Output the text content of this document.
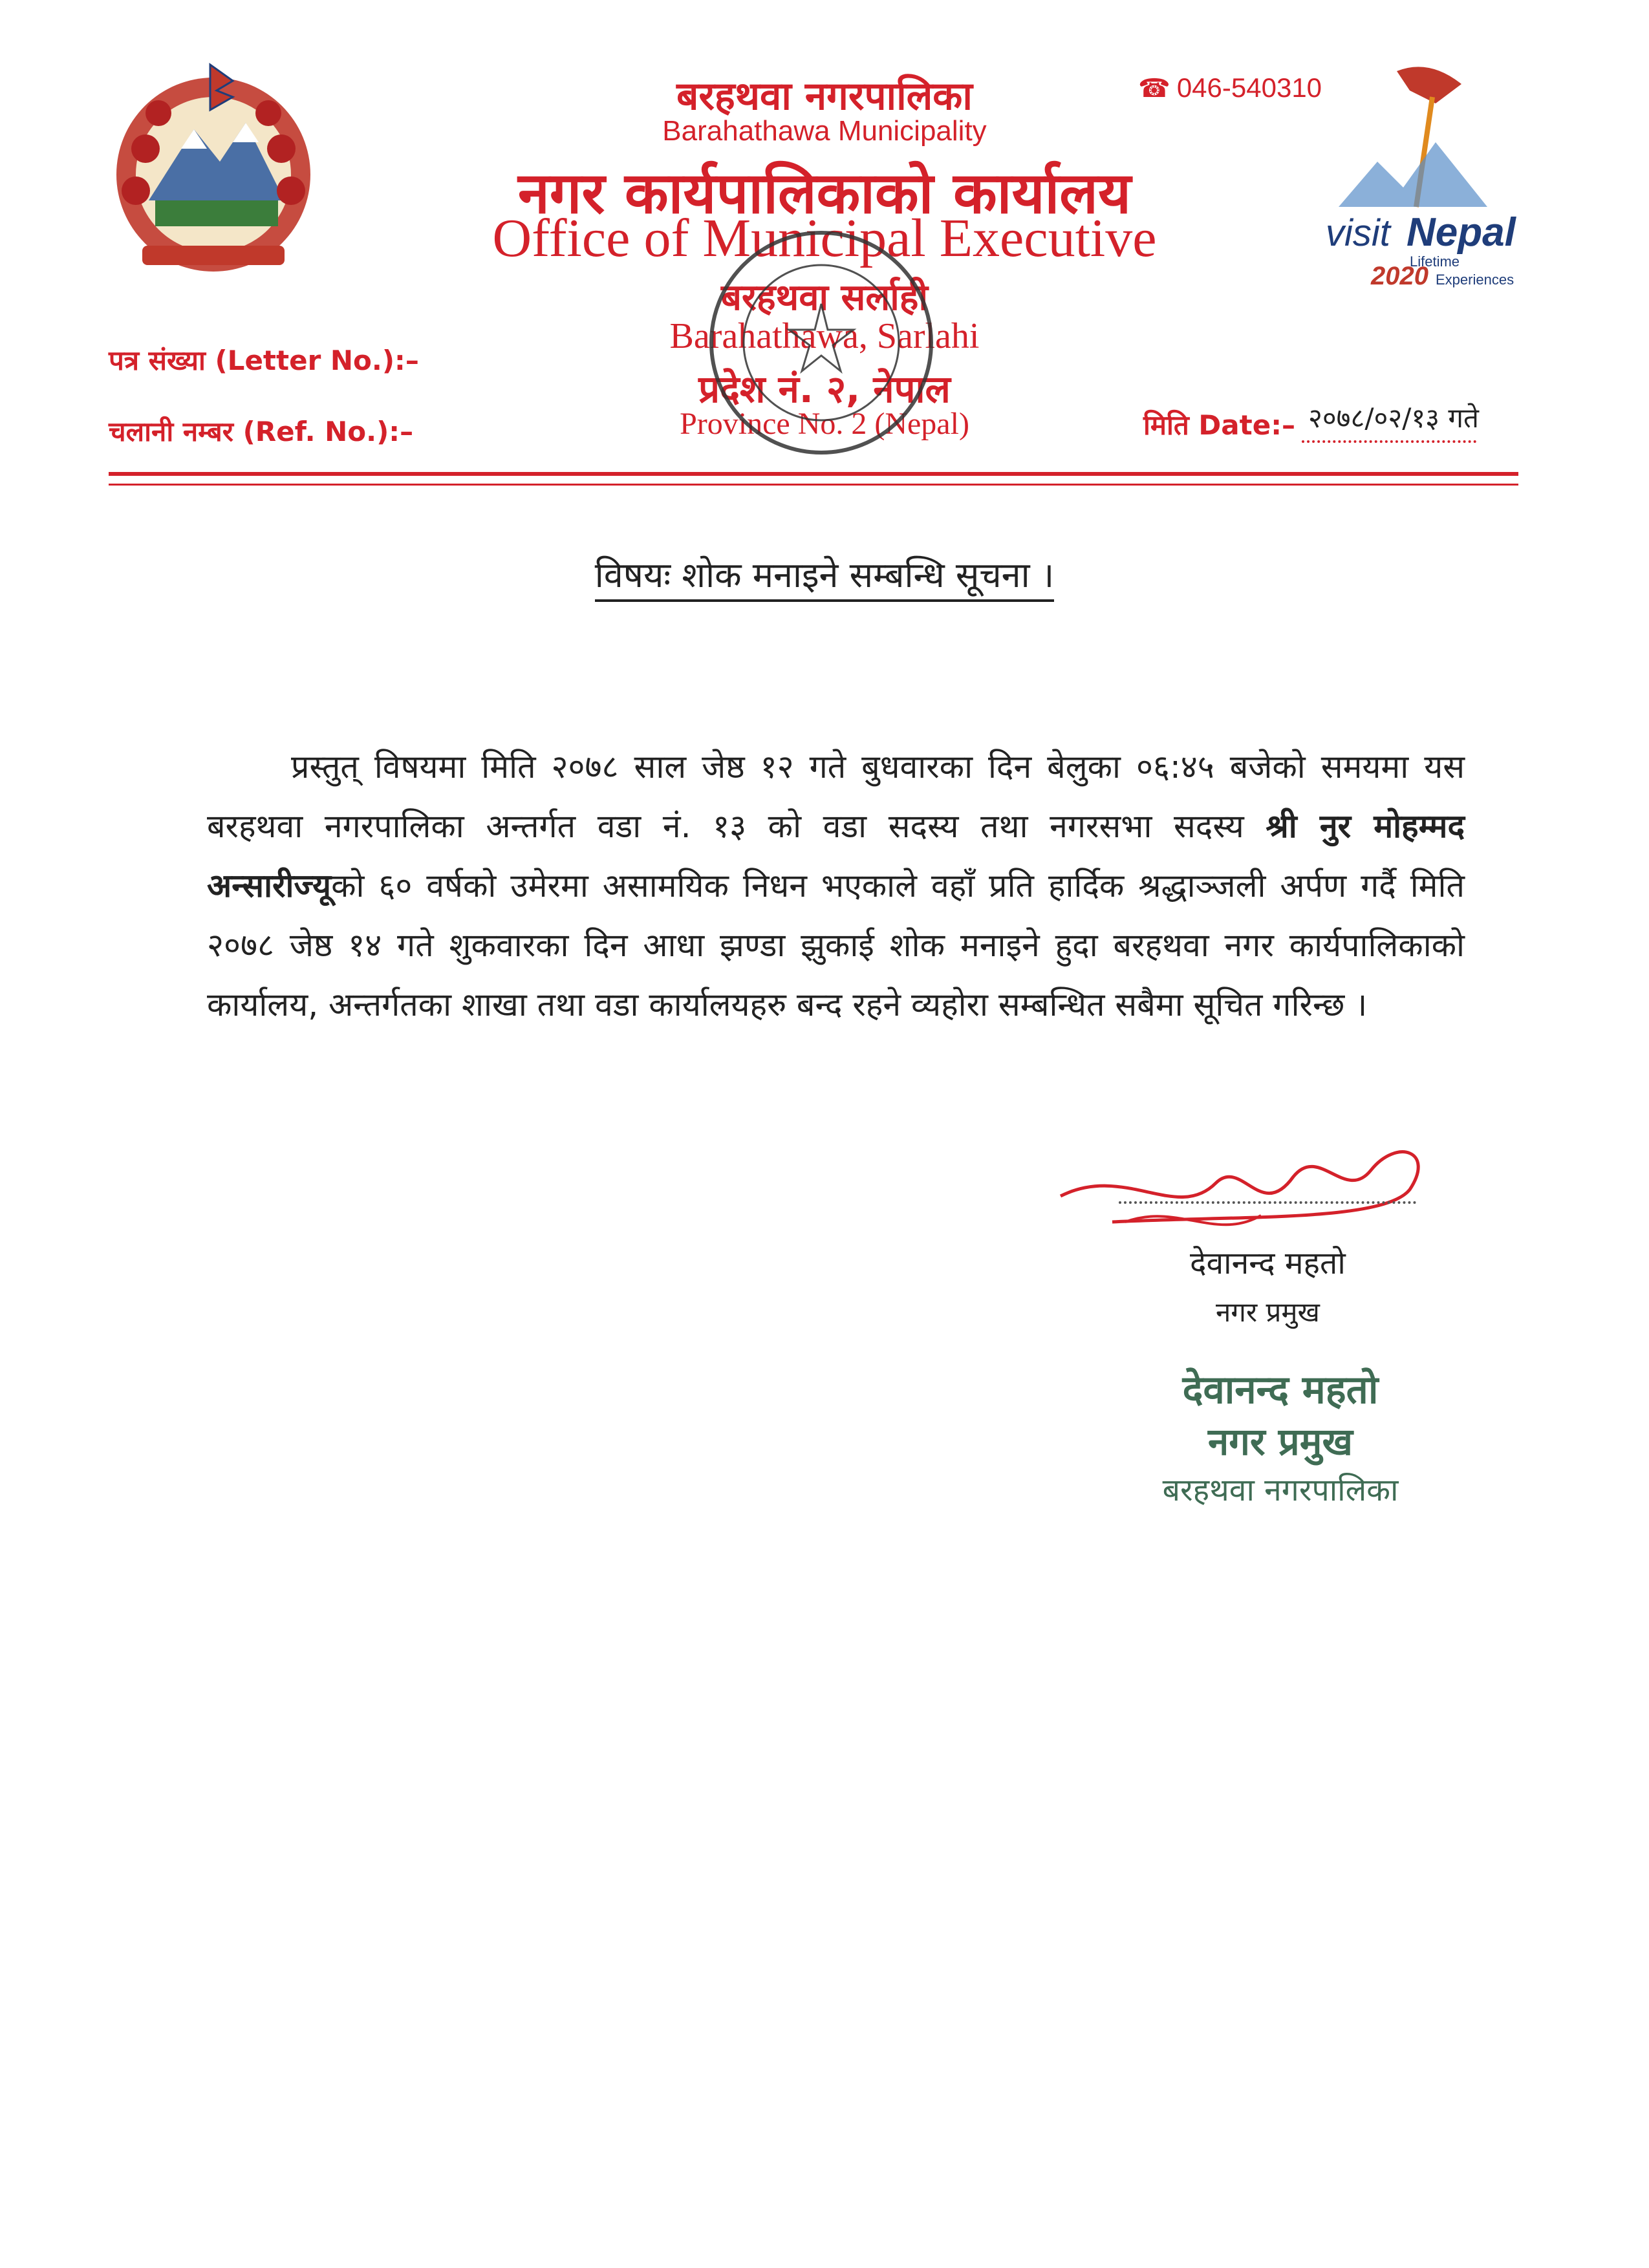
बरहथवा नगरपालिका
Barahathawa Municipality
नगर कार्यपालिकाको कार्यालय
Office of Municipal Executive
बरहथवा सर्लाही
Barahathawa, Sarlahi
प्रदेश नं. २, नेपाल
Province No. 2 (Nepal)
☎ 046-540310
visit Nepal
Lifetime
2020 Experiences
पत्र संख्या (Letter No.):–
चलानी नम्बर (Ref. No.):–	मिति Date:– २०७८/०२/१३ गते
विषयः शोक मनाइने सम्बन्धि सूचना ।
प्रस्तुत् विषयमा मिति २०७८ साल जेष्ठ १२ गते बुधवारका दिन बेलुका ०६:४५ बजेको समयमा यस बरहथवा नगरपालिका अन्तर्गत वडा नं. १३ को वडा सदस्य तथा नगरसभा सदस्य श्री नुर मोहम्मद अन्सारीज्यूको ६० वर्षको उमेरमा असामयिक निधन भएकाले वहाँ प्रति हार्दिक श्रद्धाञ्जली अर्पण गर्दै मिति २०७८ जेष्ठ १४ गते शुकवारका दिन आधा झण्डा झुकाई शोक मनाइने हुदा बरहथवा नगर कार्यपालिकाको कार्यालय, अन्तर्गतका शाखा तथा वडा कार्यालयहरु बन्द रहने व्यहोरा सम्बन्धित सबैमा सूचित गरिन्छ ।
देवानन्द महतो
नगर प्रमुख
देवानन्द महतो
नगर प्रमुख
बरहथवा नगरपालिका
